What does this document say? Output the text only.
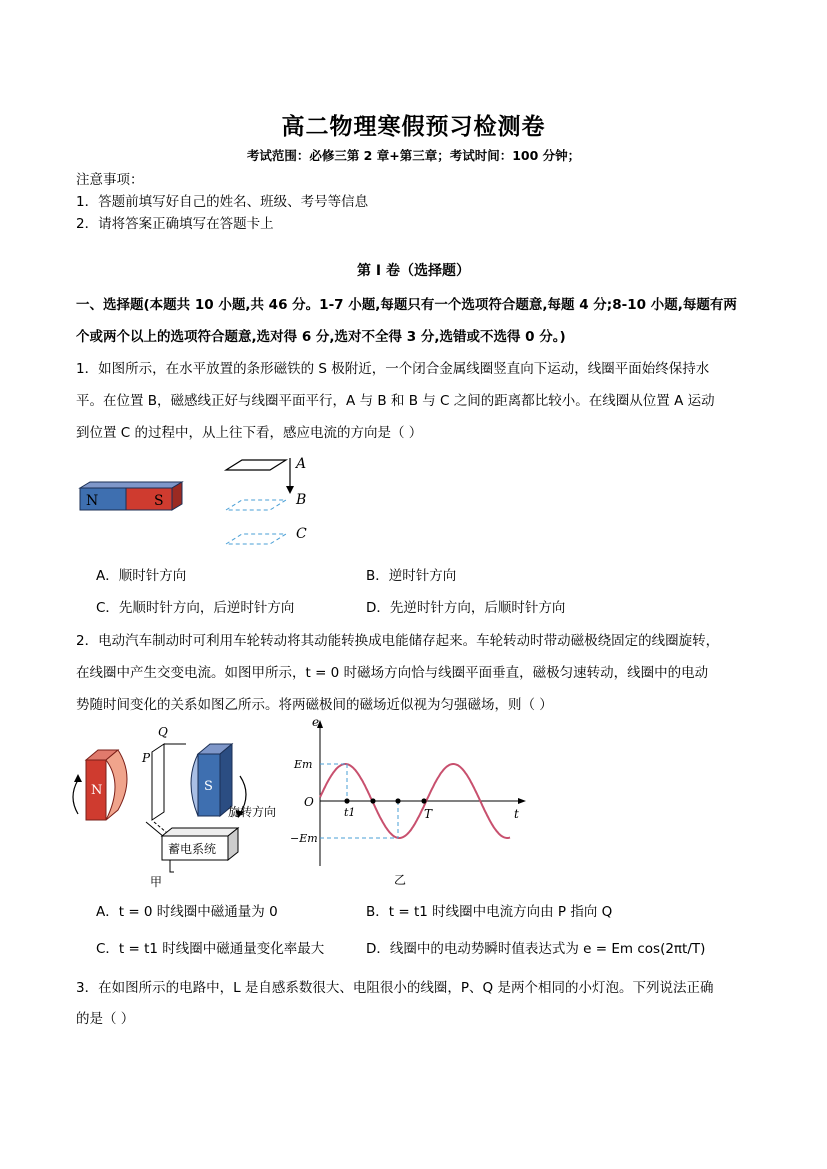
高二物理寒假预习检测卷
考试范围：必修三第 2 章+第三章；考试时间：100 分钟；
注意事项：
1．答题前填写好自己的姓名、班级、考号等信息
2．请将答案正确填写在答题卡上
第 I 卷（选择题）
一、选择题(本题共 10 小题,共 46 分。1-7 小题,每题只有一个选项符合题意,每题 4 分;8-10 小题,每题有两
个或两个以上的选项符合题意,选对得 6 分,选对不全得 3 分,选错或不选得 0 分。)
1．如图所示，在水平放置的条形磁铁的 S 极附近，一个闭合金属线圈竖直向下运动，线圈平面始终保持水
平。在位置 B，磁感线正好与线圈平面平行，A 与 B 和 B 与 C 之间的距离都比较小。在线圈从位置 A 运动
到位置 C 的过程中，从上往下看，感应电流的方向是（ ）
N	S
A
B
C
A．顺时针方向	B．逆时针方向
C．先顺时针方向，后逆时针方向	D．先逆时针方向，后顺时针方向
2．电动汽车制动时可利用车轮转动将其动能转换成电能储存起来。车轮转动时带动磁极绕固定的线圈旋转，
在线圈中产生交变电流。如图甲所示，t = 0 时磁场方向恰与线圈平面垂直，磁极匀速转动，线圈中的电动
势随时间变化的关系如图乙所示。将两磁极间的磁场近似视为匀强磁场，则（ ）
N
P
Q
S
旋转方向
蓄电系统
甲
e
Em
O
−Em
t1	T	t
乙
A．t = 0 时线圈中磁通量为 0	B．t = t1 时线圈中电流方向由 P 指向 Q
C．t = t1 时线圈中磁通量变化率最大	D．线圈中的电动势瞬时值表达式为 e = Em cos(2πt/T)
3．在如图所示的电路中，L 是自感系数很大、电阻很小的线圈，P、Q 是两个相同的小灯泡。下列说法正确
的是（ ）
